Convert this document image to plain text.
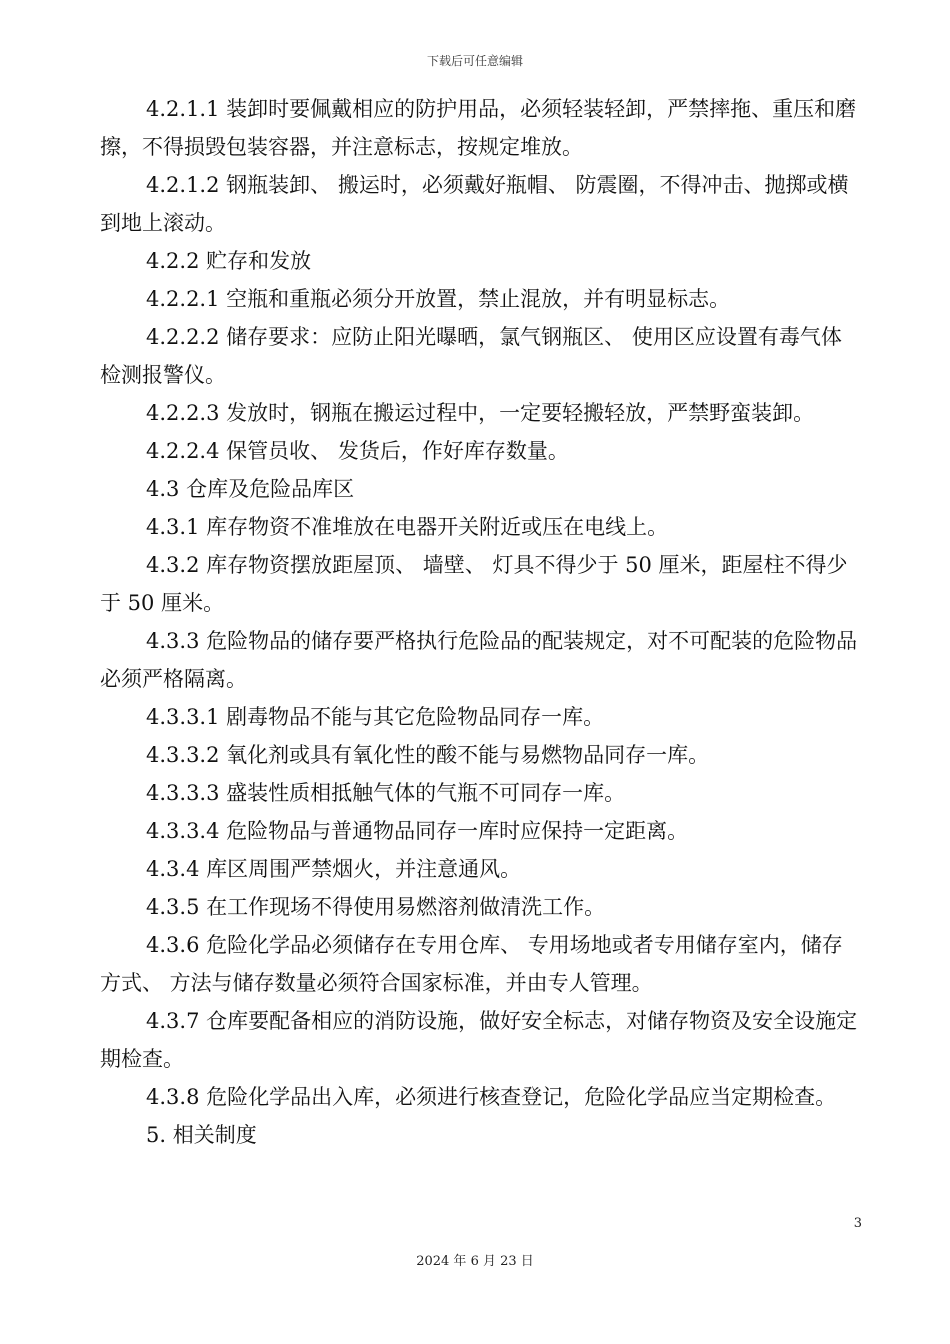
下载后可任意编辑

4.2.1.1 装卸时要佩戴相应的防护用品，必须轻装轻卸，严禁摔拖、重压和磨擦，不得损毁包装容器，并注意标志，按规定堆放。

4.2.1.2 钢瓶装卸、 搬运时，必须戴好瓶帽、 防震圈，不得冲击、抛掷或横到地上滚动。

4.2.2 贮存和发放

4.2.2.1 空瓶和重瓶必须分开放置，禁止混放，并有明显标志。

4.2.2.2 储存要求：应防止阳光曝晒，氯气钢瓶区、 使用区应设置有毒气体检测报警仪。

4.2.2.3 发放时，钢瓶在搬运过程中，一定要轻搬轻放，严禁野蛮装卸。

4.2.2.4 保管员收、 发货后，作好库存数量。

4.3 仓库及危险品库区

4.3.1 库存物资不准堆放在电器开关附近或压在电线上。

4.3.2 库存物资摆放距屋顶、 墙壁、 灯具不得少于 50 厘米，距屋柱不得少于 50 厘米。

4.3.3 危险物品的储存要严格执行危险品的配装规定，对不可配装的危险物品必须严格隔离。

4.3.3.1 剧毒物品不能与其它危险物品同存一库。

4.3.3.2 氧化剂或具有氧化性的酸不能与易燃物品同存一库。

4.3.3.3 盛装性质相抵触气体的气瓶不可同存一库。

4.3.3.4 危险物品与普通物品同存一库时应保持一定距离。

4.3.4 库区周围严禁烟火，并注意通风。

4.3.5 在工作现场不得使用易燃溶剂做清洗工作。

4.3.6 危险化学品必须储存在专用仓库、 专用场地或者专用储存室内，储存方式、 方法与储存数量必须符合国家标准，并由专人管理。

4.3.7 仓库要配备相应的消防设施，做好安全标志，对储存物资及安全设施定期检查。

4.3.8 危险化学品出入库，必须进行核查登记，危险化学品应当定期检查。

5. 相关制度

3
2024 年 6 月 23 日
